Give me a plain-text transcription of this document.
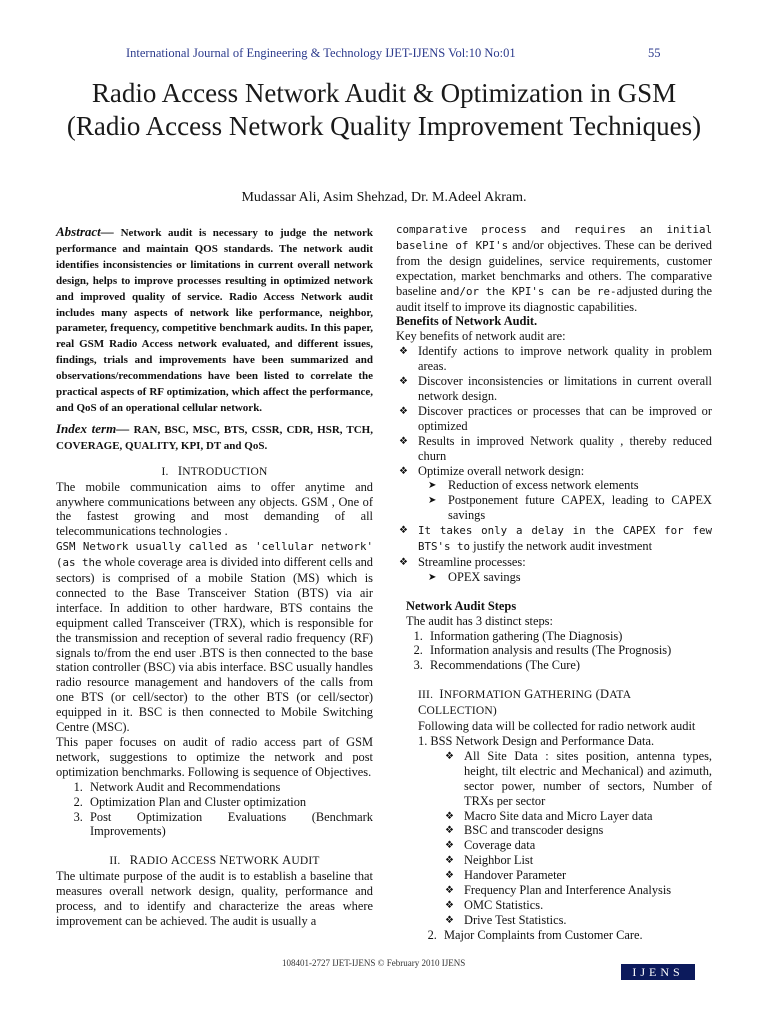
International Journal of Engineering & Technology IJET-IJENS Vol:10 No:01	55
Radio Access Network Audit & Optimization in GSM (Radio Access Network Quality Improvement Techniques)
Mudassar Ali, Asim Shehzad, Dr. M.Adeel Akram.

Abstract— Network audit is necessary to judge the network performance and maintain QOS standards. The network audit identifies inconsistencies or limitations in current overall network design, helps to improve processes resulting in optimized network and improved quality of service. Radio Access Network audit includes many aspects of network like performance, neighbor, parameter, frequency, competitive benchmark audits. In this paper, real GSM Radio Access network evaluated, and different issues, findings, trials and improvements have been summarized and observations/recommendations have been listed to correlate the practical aspects of RF optimization, which affect the performance, and QoS of an operational cellular network.

Index term— RAN, BSC, MSC, BTS, CSSR, CDR, HSR, TCH, COVERAGE, QUALITY, KPI, DT and QoS.

I. INTRODUCTION

The mobile communication aims to offer anytime and anywhere communications between any objects. GSM , One of the fastest growing and most demanding of all telecommunications technologies .

GSM Network usually called as 'cellular network' (as the whole coverage area is divided into different cells and sectors) is comprised of a mobile Station (MS) which is connected to the Base Transceiver Station (BTS) via air interface. In addition to other hardware, BTS contains the equipment called Transceiver (TRX), which is responsible for the transmission and reception of several radio frequency (RF) signals to/from the end user .BTS is then connected to the base station controller (BSC) via abis interface. BSC usually handles radio resource management and handovers of the calls from one BTS (or cell/sector) to the other BTS (or cell/sector) equipped in it. BSC is then connected to Mobile Switching Centre (MSC).

This paper focuses on audit of radio access part of GSM network, suggestions to optimize the network and post optimization benchmarks. Following is sequence of Objectives.

1. Network Audit and Recommendations
2. Optimization Plan and Cluster optimization
3. Post Optimization Evaluations (Benchmark Improvements)

II. RADIO ACCESS NETWORK AUDIT

The ultimate purpose of the audit is to establish a baseline that measures overall network design, quality, performance and process, and to identify and characterize the areas where improvement can be achieved. The audit is usually a

comparative process and requires an initial baseline of KPI's and/or objectives. These can be derived from the design guidelines, service requirements, customer expectation, market benchmarks and others. The comparative baseline and/or the KPI's can be re-adjusted during the audit itself to improve its diagnostic capabilities.

Benefits of Network Audit.

Key benefits of network audit are:

❖ Identify actions to improve network quality in problem areas.
❖ Discover inconsistencies or limitations in current overall network design.
❖ Discover practices or processes that can be improved or optimized
❖ Results in improved Network quality , thereby reduced churn
❖ Optimize overall network design:
➤ Reduction of excess network elements
➤ Postponement future CAPEX, leading to CAPEX savings
❖ It takes only a delay in the CAPEX for few BTS's to justify the network audit investment
❖ Streamline processes:
➤ OPEX savings

Network Audit Steps

The audit has 3 distinct steps:

1. Information gathering (The Diagnosis)
2. Information analysis and results (The Prognosis)
3. Recommendations (The Cure)

III. INFORMATION GATHERING (DATA COLLECTION)

Following data will be collected for radio network audit

1. BSS Network Design and Performance Data.

❖ All Site Data : sites position, antenna types, height, tilt electric and Mechanical) and azimuth, sector power, number of sectors, Number of TRXs per sector
❖ Macro Site data and Micro Layer data
❖ BSC and transcoder designs
❖ Coverage data
❖ Neighbor List
❖ Handover Parameter
❖ Frequency Plan and Interference Analysis
❖ OMC Statistics.
❖ Drive Test Statistics.
2. Major Complaints from Customer Care.
108401-2727 IJET-IJENS © February 2010 IJENS
IJENS
